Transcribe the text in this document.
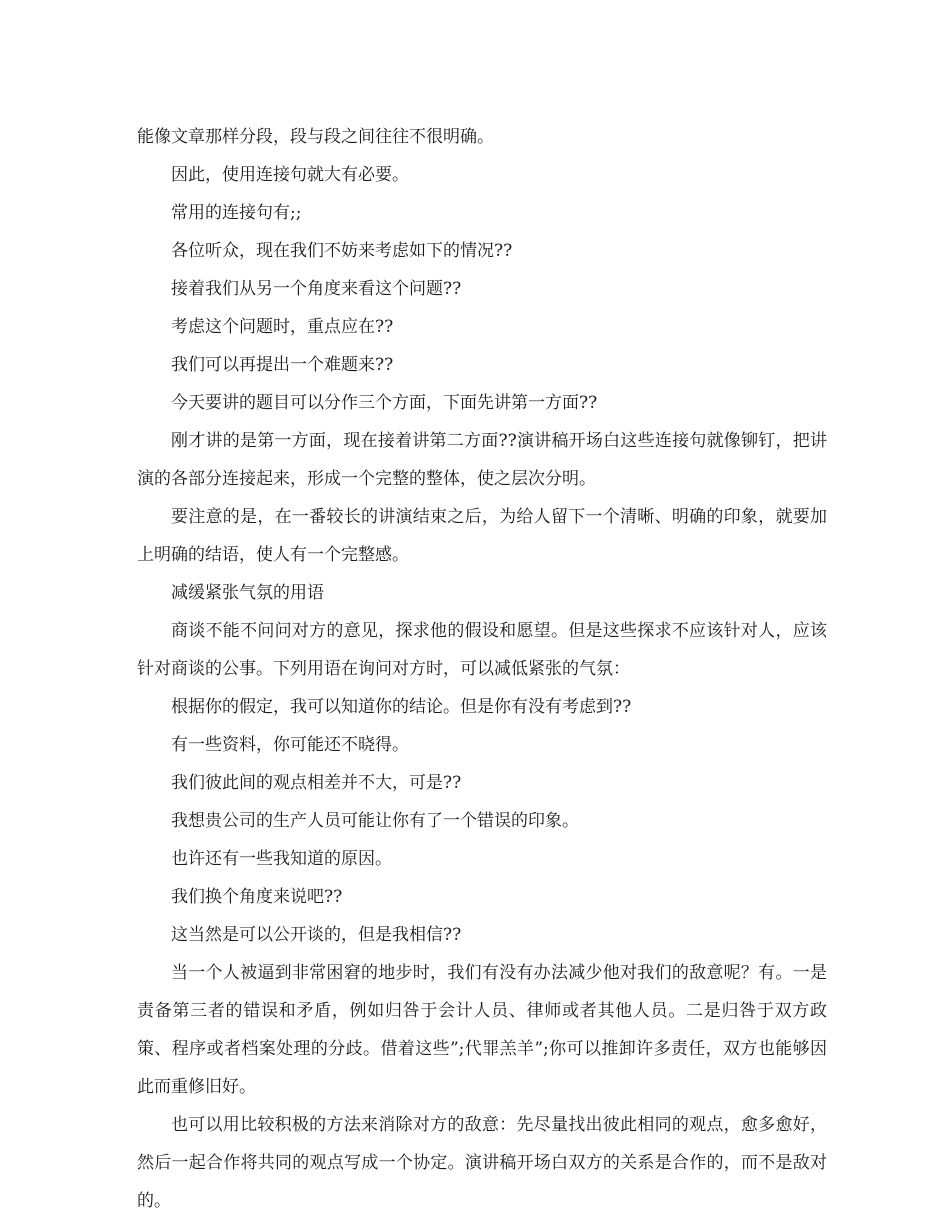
能像文章那样分段，段与段之间往往不很明确。

因此，使用连接句就大有必要。

常用的连接句有;;

各位听众，现在我们不妨来考虑如下的情况??

接着我们从另一个角度来看这个问题??

考虑这个问题时，重点应在??

我们可以再提出一个难题来??

今天要讲的题目可以分作三个方面，下面先讲第一方面??

刚才讲的是第一方面，现在接着讲第二方面??演讲稿开场白这些连接句就像铆钉，把讲演的各部分连接起来，形成一个完整的整体，使之层次分明。

要注意的是，在一番较长的讲演结束之后，为给人留下一个清晰、明确的印象，就要加上明确的结语，使人有一个完整感。

减缓紧张气氛的用语

商谈不能不问问对方的意见，探求他的假设和愿望。但是这些探求不应该针对人，应该针对商谈的公事。下列用语在询问对方时，可以减低紧张的气氛：

根据你的假定，我可以知道你的结论。但是你有没有考虑到??

有一些资料，你可能还不晓得。

我们彼此间的观点相差并不大，可是??

我想贵公司的生产人员可能让你有了一个错误的印象。

也许还有一些我知道的原因。

我们换个角度来说吧??

这当然是可以公开谈的，但是我相信??

当一个人被逼到非常困窘的地步时，我们有没有办法减少他对我们的敌意呢？有。一是责备第三者的错误和矛盾，例如归咎于会计人员、律师或者其他人员。二是归咎于双方政策、程序或者档案处理的分歧。借着这些”;代罪羔羊”;你可以推卸许多责任，双方也能够因此而重修旧好。

也可以用比较积极的方法来消除对方的敌意：先尽量找出彼此相同的观点，愈多愈好，然后一起合作将共同的观点写成一个协定。演讲稿开场白双方的关系是合作的，而不是敌对的。
